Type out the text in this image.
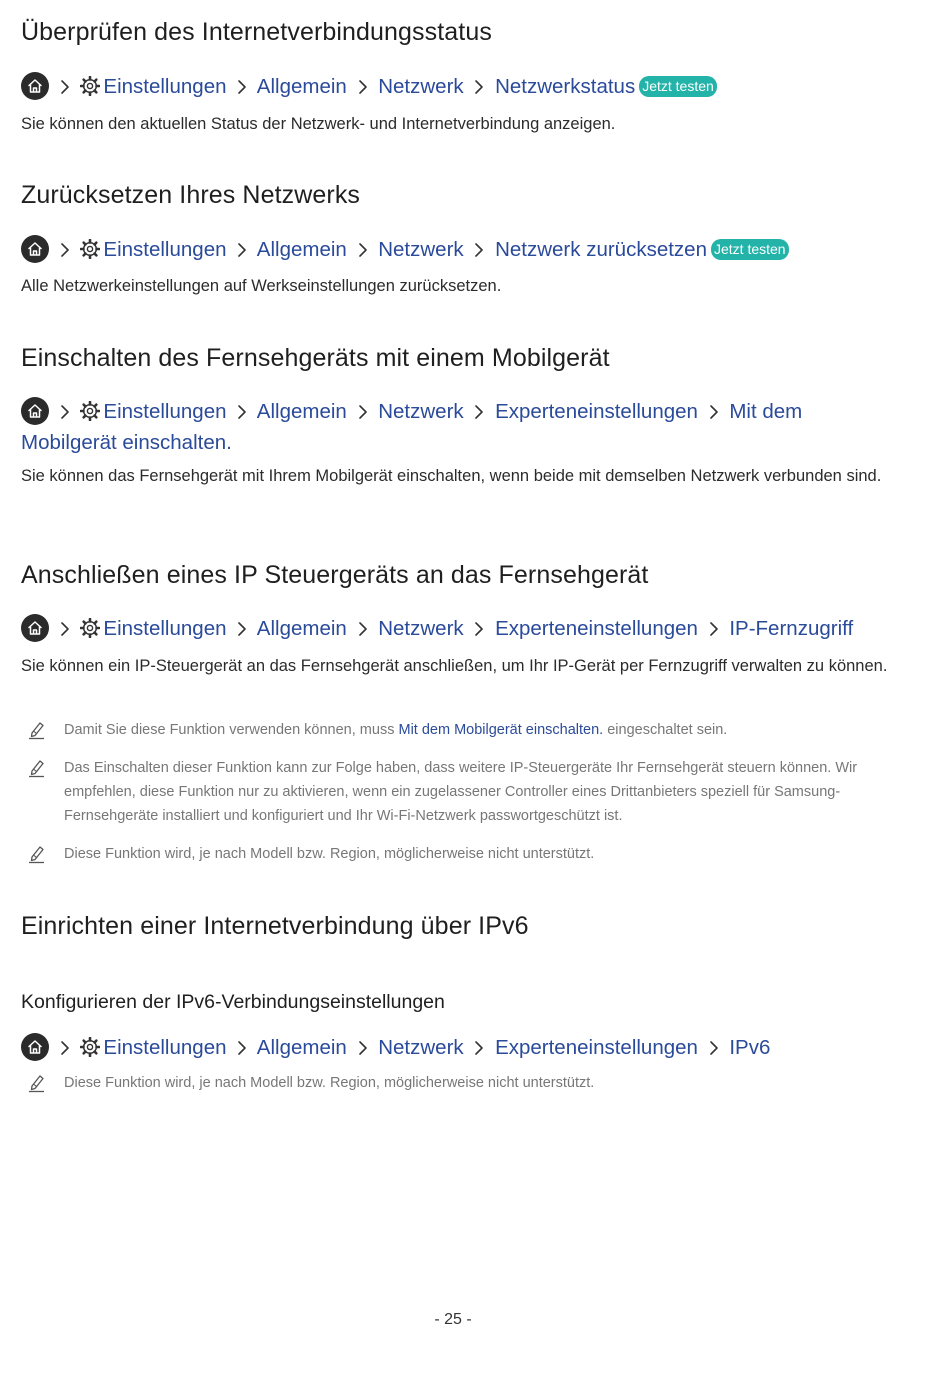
Überprüfen des Internetverbindungsstatus
Einstellungen Allgemein Netzwerk Netzwerkstatus Jetzt testen

Sie können den aktuellen Status der Netzwerk- und Internetverbindung anzeigen.

Zurücksetzen Ihres Netzwerks
Einstellungen Allgemein Netzwerk Netzwerk zurücksetzen Jetzt testen

Alle Netzwerkeinstellungen auf Werkseinstellungen zurücksetzen.

Einschalten des Fernsehgeräts mit einem Mobilgerät
Einstellungen Allgemein Netzwerk Experteneinstellungen Mit dem Mobilgerät einschalten.

Sie können das Fernsehgerät mit Ihrem Mobilgerät einschalten, wenn beide mit demselben Netzwerk verbunden sind.

Anschließen eines IP Steuergeräts an das Fernsehgerät
Einstellungen Allgemein Netzwerk Experteneinstellungen IP-Fernzugriff

Sie können ein IP-Steuergerät an das Fernsehgerät anschließen, um Ihr IP-Gerät per Fernzugriff verwalten zu können.

Damit Sie diese Funktion verwenden können, muss Mit dem Mobilgerät einschalten. eingeschaltet sein.
Das Einschalten dieser Funktion kann zur Folge haben, dass weitere IP-Steuergeräte Ihr Fernsehgerät steuern können. Wir empfehlen, diese Funktion nur zu aktivieren, wenn ein zugelassener Controller eines Drittanbieters speziell für Samsung-Fernsehgeräte installiert und konfiguriert und Ihr Wi-Fi-Netzwerk passwortgeschützt ist.
Diese Funktion wird, je nach Modell bzw. Region, möglicherweise nicht unterstützt.
Einrichten einer Internetverbindung über IPv6
Konfigurieren der IPv6-Verbindungseinstellungen
Einstellungen Allgemein Netzwerk Experteneinstellungen IPv6
Diese Funktion wird, je nach Modell bzw. Region, möglicherweise nicht unterstützt.
- 25 -
